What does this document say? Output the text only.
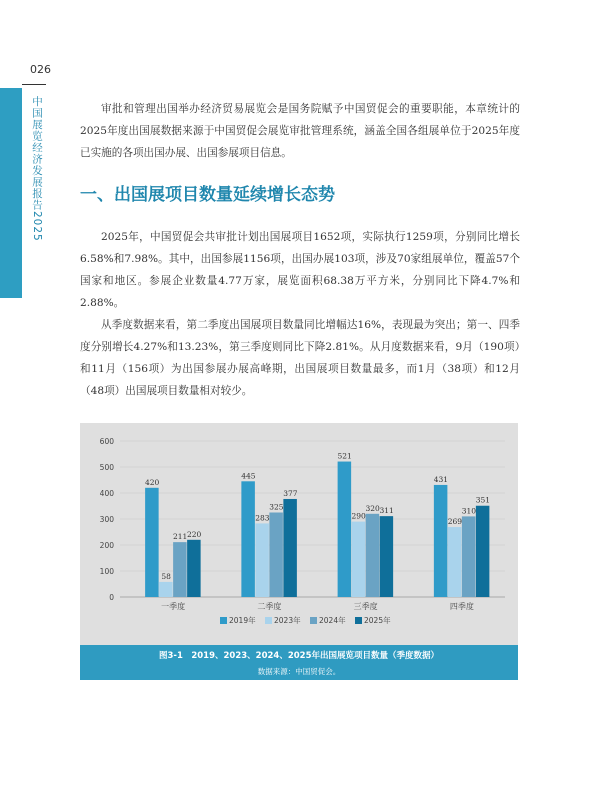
026
中国展览经济发展报告2025	审批和管理出国举办经济贸易展览会是国务院赋予中国贸促会的重要职能，本章统计的2025年度出国展数据来源于中国贸促会展览审批管理系统，涵盖全国各组展单位于2025年度已实施的各项出国办展、出国参展项目信息。

一、出国展项目数量延续增长态势

2025年，中国贸促会共审批计划出国展项目1652项，实际执行1259项，分别同比增长6.58%和7.98%。其中，出国参展1156项，出国办展103项，涉及70家组展单位，覆盖57个国家和地区。参展企业数量4.77万家，展览面积68.38万平方米，分别同比下降4.7%和2.88%。

从季度数据来看，第二季度出国展项目数量同比增幅达16%，表现最为突出；第一、四季度分别增长4.27%和13.23%，第三季度则同比下降2.81%。从月度数据来看，9月（190项）和11月（156项）为出国参展办展高峰期，出国展项目数量最多，而1月（38项）和12月（48项）出国展项目数量相对较少。

0
100
200
300
400
500
600
420
58
211 220
一季度
445
283
325
377
二季度
521
290
320 311
三季度
431
269
310
351
四季度
2019年 2023年 2024年 2025年
图3-1　2019、2023、2024、2025年出国展览项目数量（季度数据）
数据来源：中国贸促会。
